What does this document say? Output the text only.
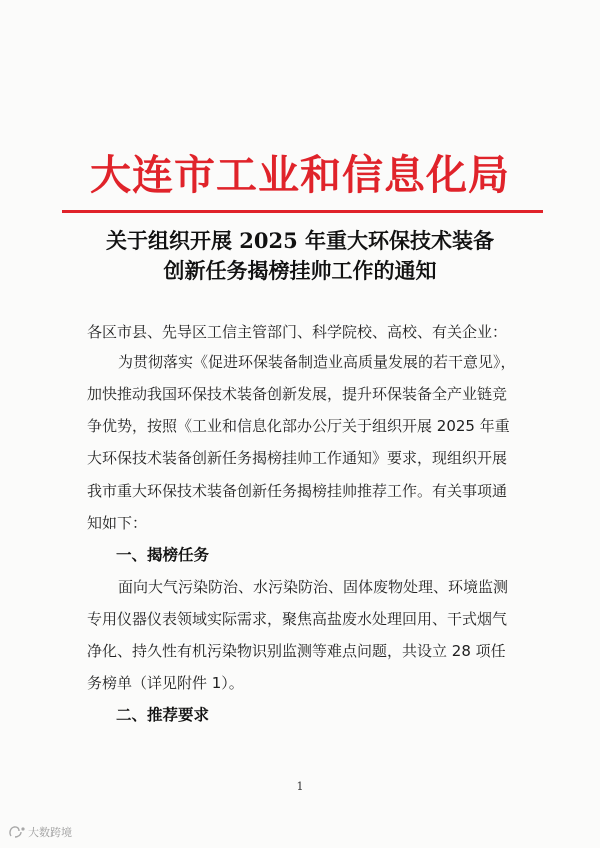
大连市工业和信息化局
关于组织开展 2025 年重大环保技术装备
创新任务揭榜挂帅工作的通知
各区市县、先导区工信主管部门、科学院校、高校、有关企业：
为贯彻落实《促进环保装备制造业高质量发展的若干意见》，
加快推动我国环保技术装备创新发展，提升环保装备全产业链竞
争优势，按照《工业和信息化部办公厅关于组织开展 2025 年重
大环保技术装备创新任务揭榜挂帅工作通知》要求，现组织开展
我市重大环保技术装备创新任务揭榜挂帅推荐工作。有关事项通
知如下：
一、揭榜任务
面向大气污染防治、水污染防治、固体废物处理、环境监测
专用仪器仪表领域实际需求，聚焦高盐废水处理回用、干式烟气
净化、持久性有机污染物识别监测等难点问题，共设立 28 项任
务榜单（详见附件 1）。
二、推荐要求
1
大数跨境
